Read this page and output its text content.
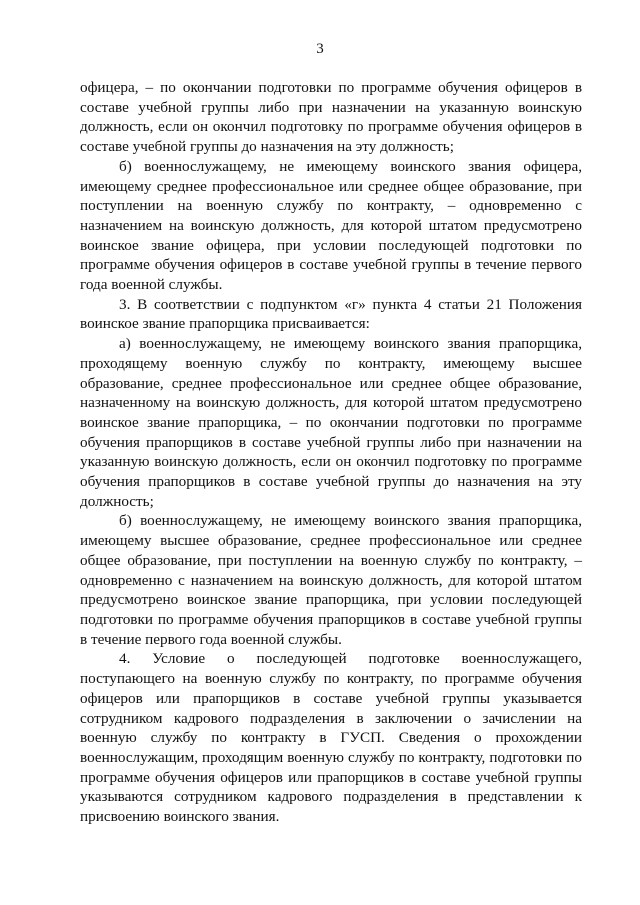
3

офицера, – по окончании подготовки по программе обучения офицеров в составе учебной группы либо при назначении на указанную воинскую должность, если он окончил подготовку по программе обучения офицеров в составе учебной группы до назначения на эту должность;

б) военнослужащему, не имеющему воинского звания офицера, имеющему среднее профессиональное или среднее общее образование, при поступлении на военную службу по контракту, – одновременно с назначением на воинскую должность, для которой штатом предусмотрено воинское звание офицера, при условии последующей подготовки по программе обучения офицеров в составе учебной группы в течение первого года военной службы.

3. В соответствии с подпунктом «г» пункта 4 статьи 21 Положения воинское звание прапорщика присваивается:

а) военнослужащему, не имеющему воинского звания прапорщика, проходящему военную службу по контракту, имеющему высшее образование, среднее профессиональное или среднее общее образование, назначенному на воинскую должность, для которой штатом предусмотрено воинское звание прапорщика, – по окончании подготовки по программе обучения прапорщиков в составе учебной группы либо при назначении на указанную воинскую должность, если он окончил подготовку по программе обучения прапорщиков в составе учебной группы до назначения на эту должность;

б) военнослужащему, не имеющему воинского звания прапорщика, имеющему высшее образование, среднее профессиональное или среднее общее образование, при поступлении на военную службу по контракту, – одновременно с назначением на воинскую должность, для которой штатом предусмотрено воинское звание прапорщика, при условии последующей подготовки по программе обучения прапорщиков в составе учебной группы в течение первого года военной службы.

4. Условие о последующей подготовке военнослужащего, поступающего на военную службу по контракту, по программе обучения офицеров или прапорщиков в составе учебной группы указывается сотрудником кадрового подразделения в заключении о зачислении на военную службу по контракту в ГУСП. Сведения о прохождении военнослужащим, проходящим военную службу по контракту, подготовки по программе обучения офицеров или прапорщиков в составе учебной группы указываются сотрудником кадрового подразделения в представлении к присвоению воинского звания.
